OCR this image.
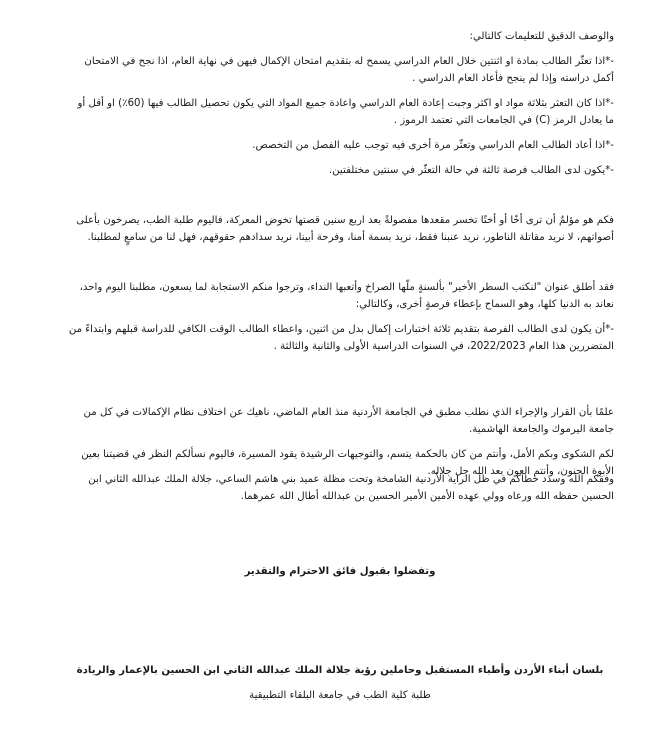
والوصف الدقيق للتعليمات كالتالي:

-*اذا تعثّر الطالب بمادة او اثنتين خلال العام الدراسي يسمح له بتقديم امتحان الإكمال فيهن في نهاية العام، اذا نجح في الامتحان أكمل دراسته وإذا لم ينجح فأعاد العام الدراسي .

-*اذا كان التعثر بثلاثة مواد او اكثر وجبت إعادة العام الدراسي واعادة جميع المواد التي يكون تحصيل الطالب فيها (60٪) او أقل أو ما يعادل الرمز (C) في الجامعات التي تعتمد الرموز .

-*اذا أعاد الطالب العام الدراسي وتعثّر مرة أخرى فيه توجب عليه الفصل من التخصص.

-*يكون لدى الطالب فرصة ثالثة في حالة التعثّر في سنتين مختلفتين.

فكم هو مؤلمٌ أن ترى أخًا أو أختًا تخسر مقعدها مفصولةً بعد اربع سنين قصتها تخوض المعركة، فاليوم طلبة الطب، يصرخون بأعلى أصواتهم، لا نريد مقاتلة الناطور، نريد عنبنا فقط، نريد بسمة أمنا، وفرحة أبينا، نريد سدادهم حقوقهم، فهل لنا من سامعٍ لمطلبنا.

فقد أطلق عنوان "لنكتب السطر الأخير" بألسنةٍ ملّها الصراخ وأتعبها النداء، وترجوا منكم الاستجابة لما يسعون، مطلبنا اليوم واحد، نعاند به الدنيا كلها، وهو السماح بإعطاء فرصةٍ أخرى، وكالتالي:

-*أن يكون لدى الطالب الفرصة بتقديم ثلاثة اختبارات إكمال بدل من اثنين، واعطاء الطالب الوقت الكافي للدراسة قبلهم وابتداءً من المتضررين هذا العام 2022/2023، في السنوات الدراسية الأولى والثانية والثالثة .

علمًا بأن القرار والإجراء الذي نطلب مطبق في الجامعة الأردنية منذ العام الماضي، ناهيك عن اختلاف نظام الإكمالات في كل من جامعة اليرموك والجامعة الهاشمية.

لكم الشكوى وبكم الأمل، وأنتم من كان بالحكمة يتسم، والتوجيهات الرشيدة يقود المسيرة، فاليوم نسألكم النظر في قضيتنا بعين الأبوة الحنون، وأنتم العون بعد الله جل جلاله.

وفقكم الله وسدد خطاكم في ظل الراية الأردنية الشامخة وتحت مظلة عميد بني هاشم الساعي، جلالة الملك عبدالله الثاني ابن الحسين حفظه الله ورعاه وولي عهده الأمين الأمير الحسين بن عبدالله أطال الله عمرهما.

وتفضلوا بقبول فائق الاحترام والتقدير

بلسان أبناء الأردن وأطباء المستقبل وحاملين رؤية جلالة الملك عبدالله الثاني ابن الحسين بالإعمار والريادة

طلبة كلية الطب في جامعة البلقاء التطبيقية
